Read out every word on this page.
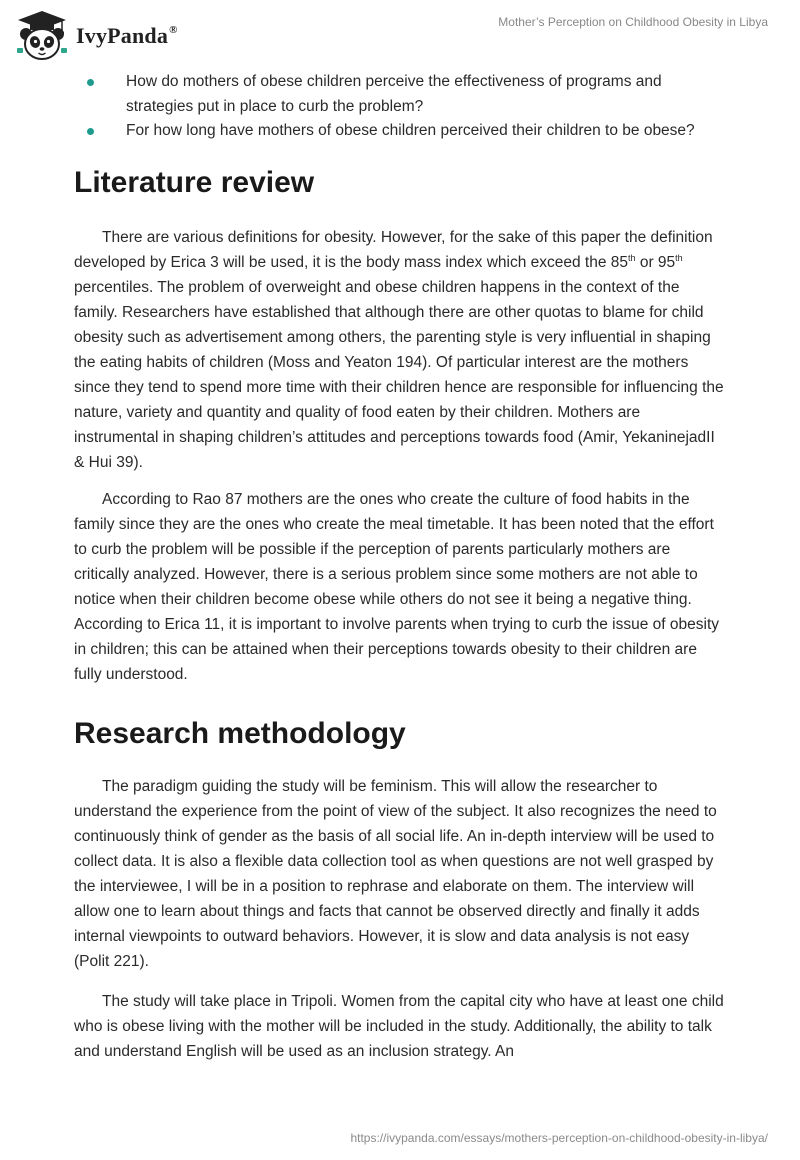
IvyPanda®
Mother’s Perception on Childhood Obesity in Libya
How do mothers of obese children perceive the effectiveness of programs and strategies put in place to curb the problem?
For how long have mothers of obese children perceived their children to be obese?
Literature review

There are various definitions for obesity. However, for the sake of this paper the definition developed by Erica 3 will be used, it is the body mass index which exceed the 85th or 95th percentiles. The problem of overweight and obese children happens in the context of the family. Researchers have established that although there are other quotas to blame for child obesity such as advertisement among others, the parenting style is very influential in shaping the eating habits of children (Moss and Yeaton 194). Of particular interest are the mothers since they tend to spend more time with their children hence are responsible for influencing the nature, variety and quantity and quality of food eaten by their children. Mothers are instrumental in shaping children’s attitudes and perceptions towards food (Amir, YekaninejadII & Hui 39).

According to Rao 87 mothers are the ones who create the culture of food habits in the family since they are the ones who create the meal timetable. It has been noted that the effort to curb the problem will be possible if the perception of parents particularly mothers are critically analyzed. However, there is a serious problem since some mothers are not able to notice when their children become obese while others do not see it being a negative thing. According to Erica 11, it is important to involve parents when trying to curb the issue of obesity in children; this can be attained when their perceptions towards obesity to their children are fully understood.

Research methodology

The paradigm guiding the study will be feminism. This will allow the researcher to understand the experience from the point of view of the subject. It also recognizes the need to continuously think of gender as the basis of all social life. An in-depth interview will be used to collect data. It is also a flexible data collection tool as when questions are not well grasped by the interviewee, I will be in a position to rephrase and elaborate on them. The interview will allow one to learn about things and facts that cannot be observed directly and finally it adds internal viewpoints to outward behaviors. However, it is slow and data analysis is not easy (Polit 221).

The study will take place in Tripoli. Women from the capital city who have at least one child who is obese living with the mother will be included in the study. Additionally, the ability to talk and understand English will be used as an inclusion strategy. An

https://ivypanda.com/essays/mothers-perception-on-childhood-obesity-in-libya/
